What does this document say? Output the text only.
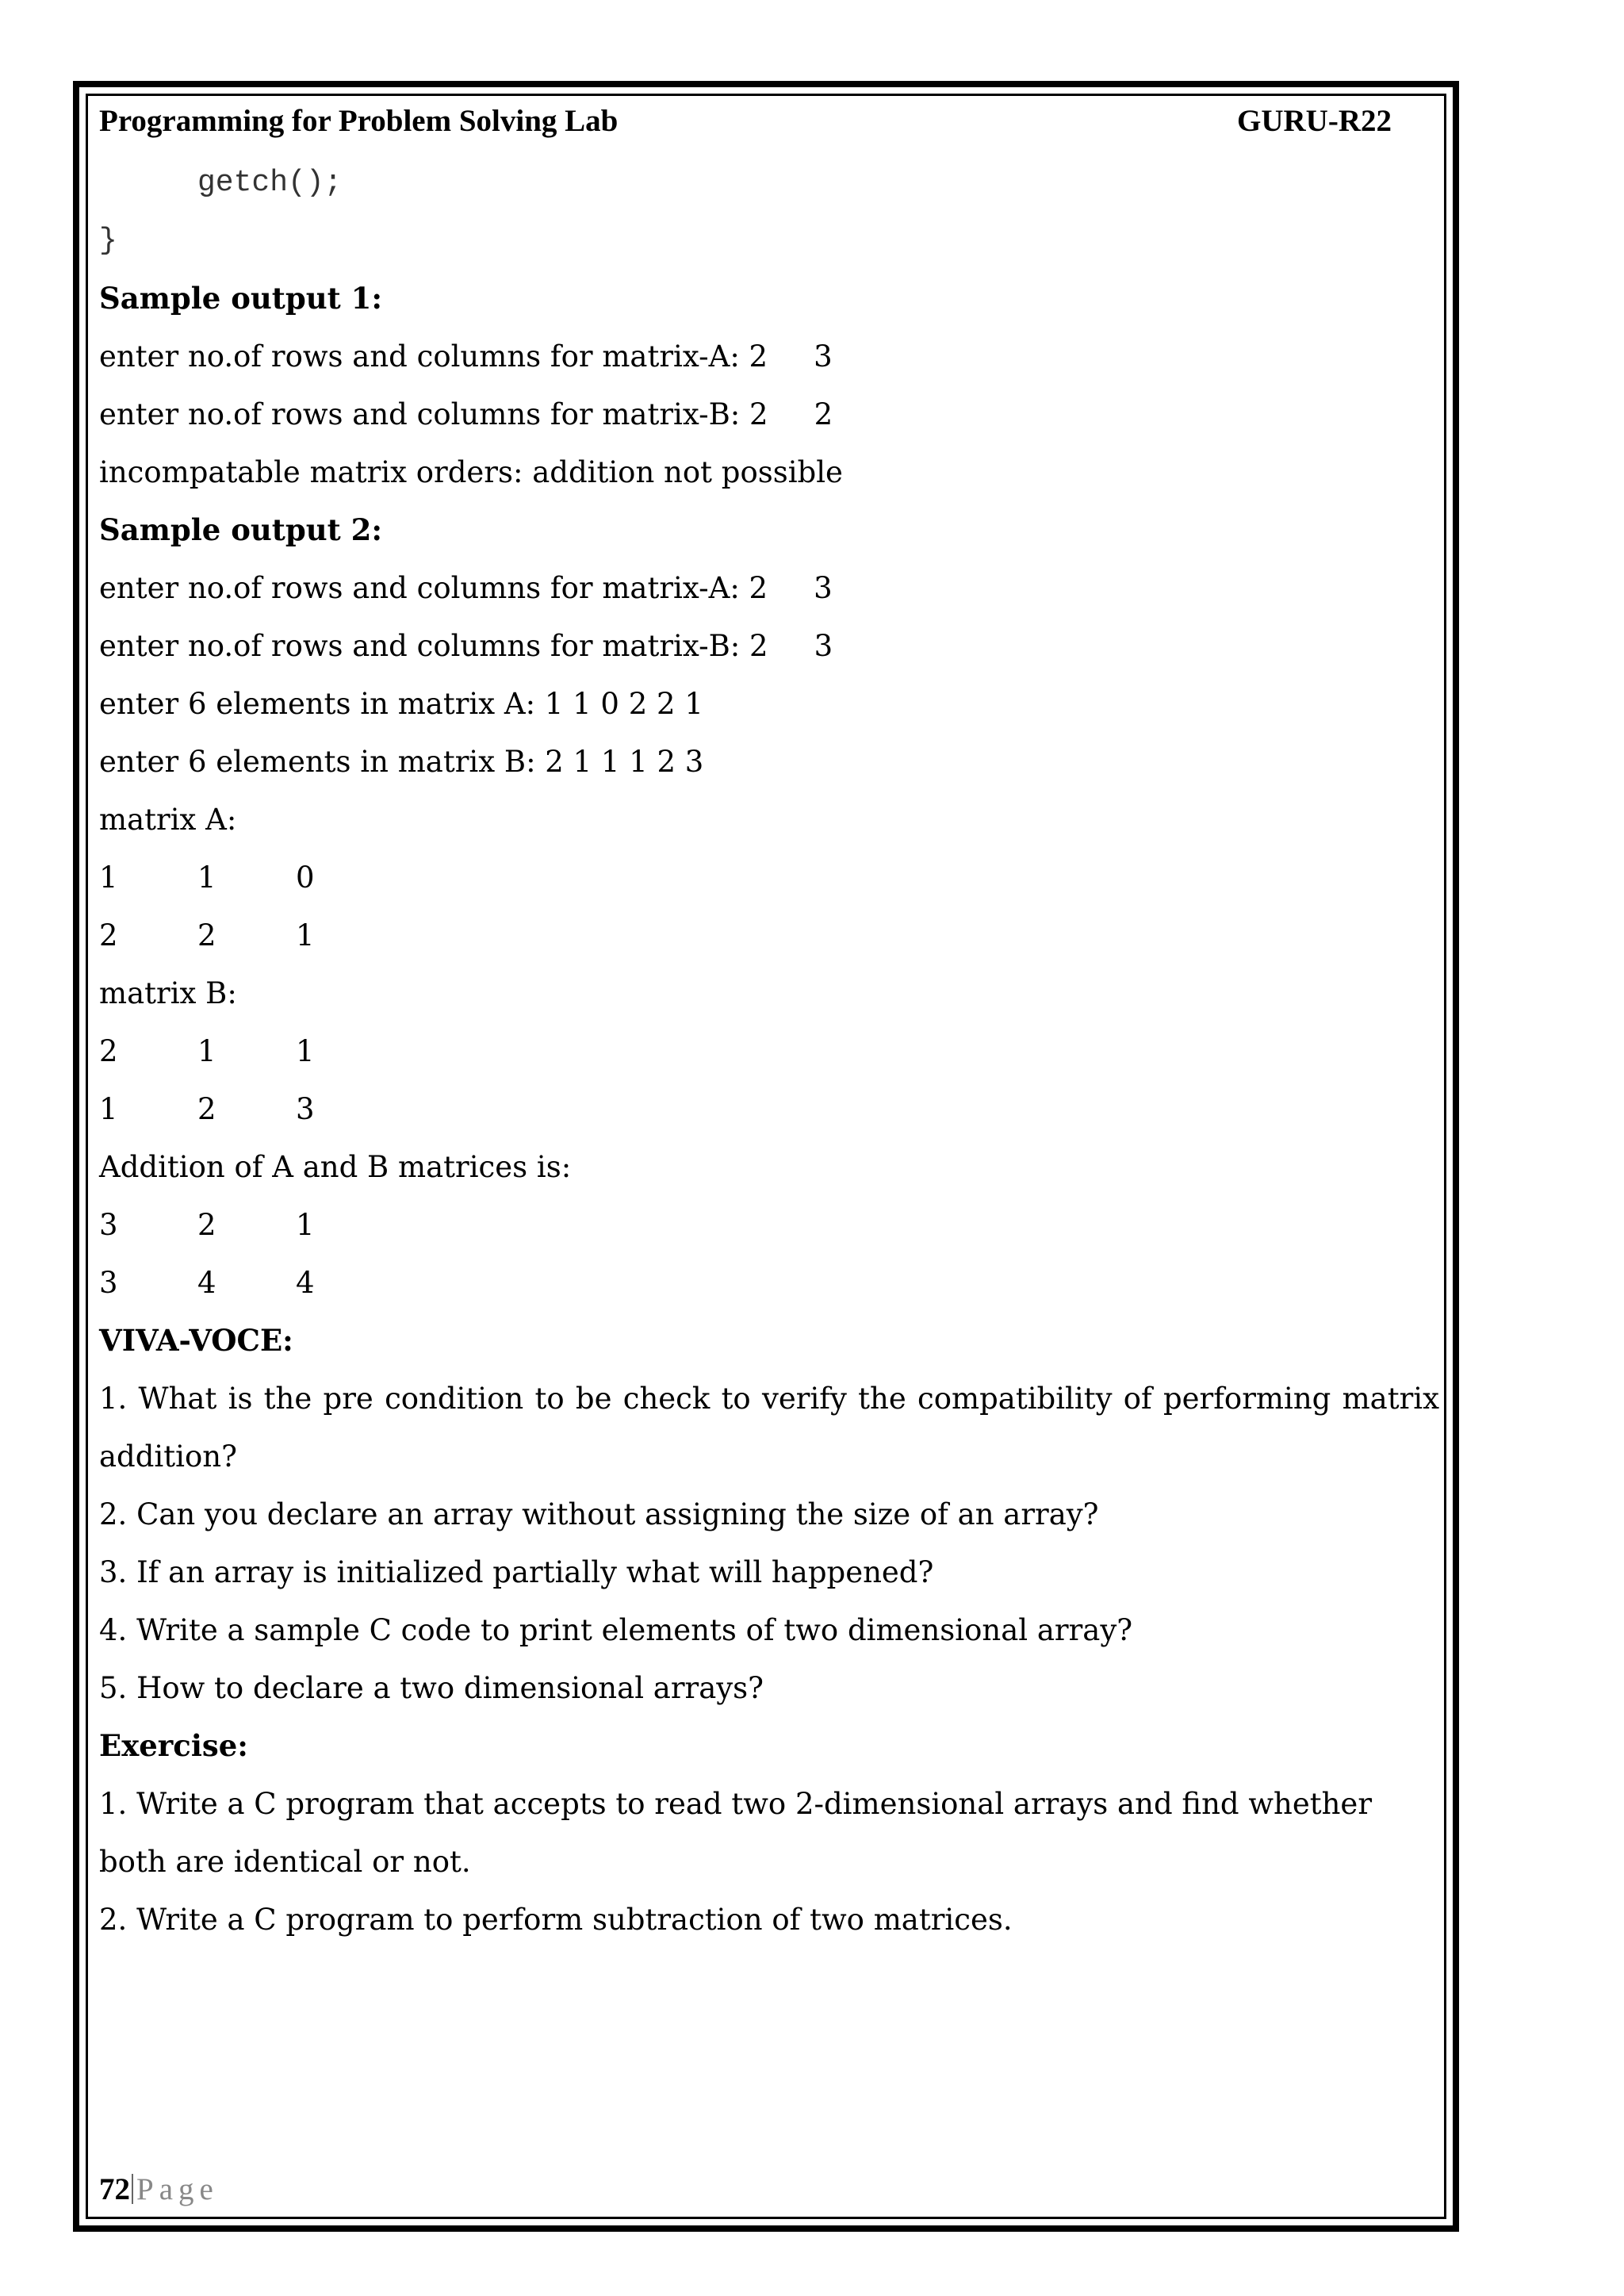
Programming for Problem Solving Lab	GURU-R22
getch();
}
Sample output 1:
enter no.of rows and columns for matrix-A: 2 3
enter no.of rows and columns for matrix-B: 2 2
incompatable matrix orders: addition not possible
Sample output 2:
enter no.of rows and columns for matrix-A: 2 3
enter no.of rows and columns for matrix-B: 2 3
enter 6 elements in matrix A: 1 1 0 2 2 1
enter 6 elements in matrix B: 2 1 1 1 2 3
matrix A:
1	1	0
2	2	1
matrix B:
2	1	1
1	2	3
Addition of A and B matrices is:
3	2	1
3	4	4
VIVA-VOCE:
1. What is the pre condition to be check to verify the compatibility of performing matrix addition?
2. Can you declare an array without assigning the size of an array?
3. If an array is initialized partially what will happened?
4. Write a sample C code to print elements of two dimensional array?
5. How to declare a two dimensional arrays?
Exercise:
1. Write a C program that accepts to read two 2-dimensional arrays and find whether both are identical or not.
2. Write a C program to perform subtraction of two matrices.
72 Page
